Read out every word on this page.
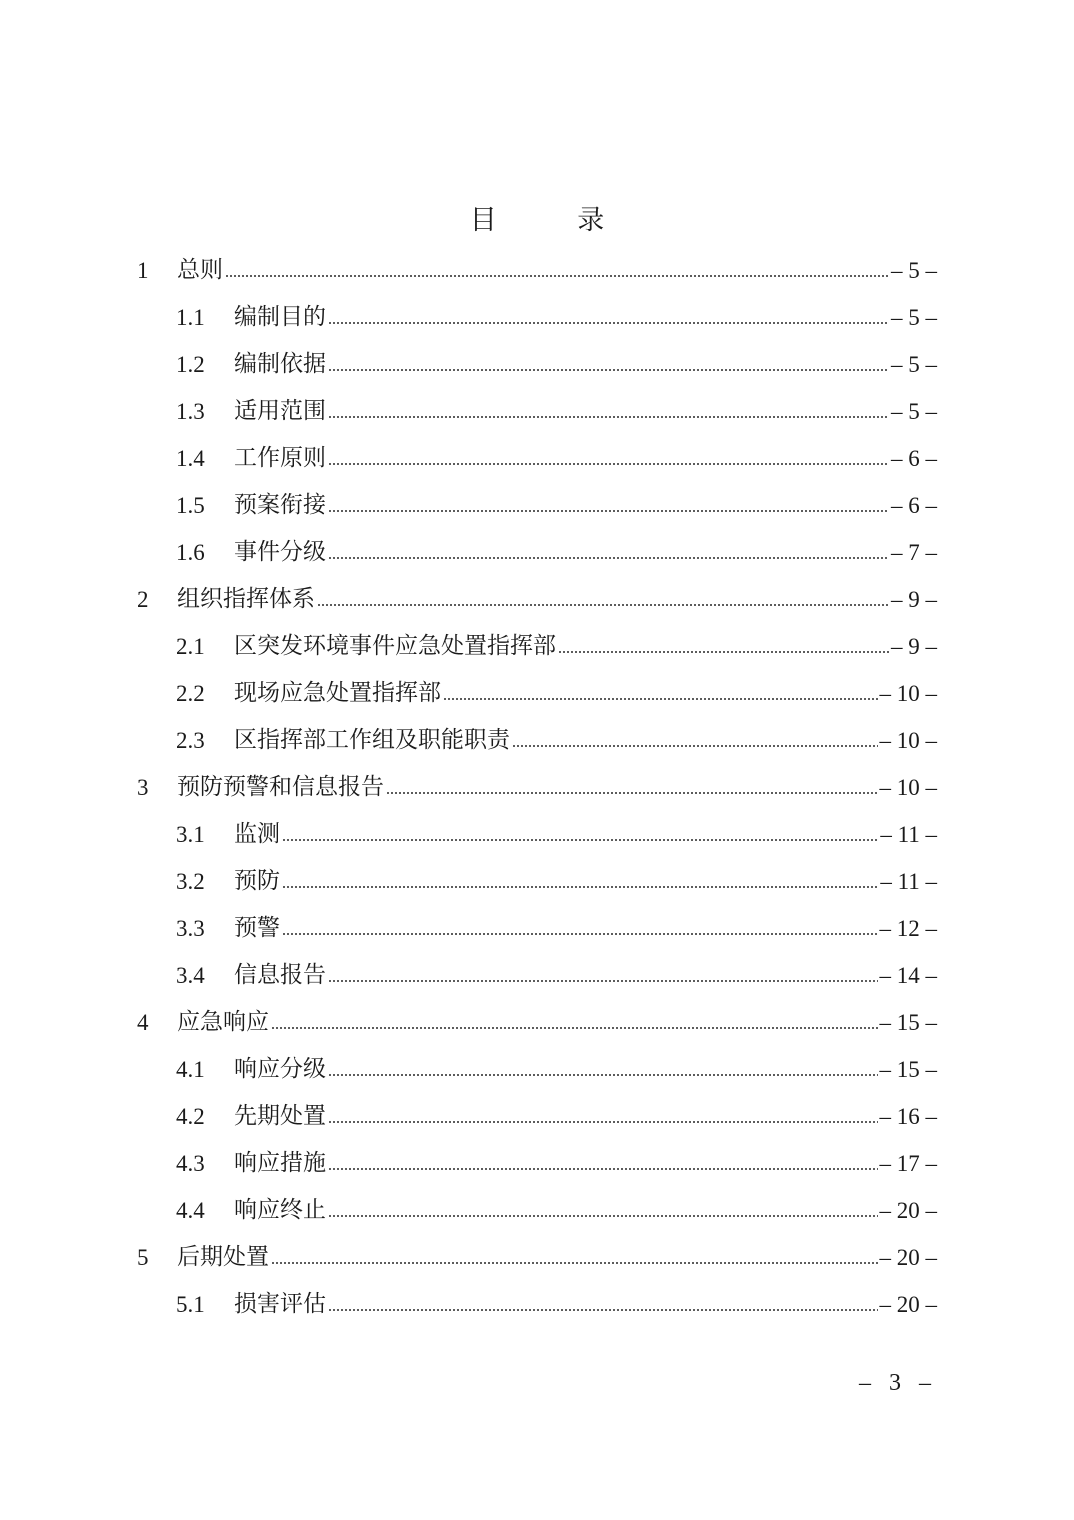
目 录
1	总则	– 5 –
1.1	编制目的	– 5 –
1.2	编制依据	– 5 –
1.3	适用范围	– 5 –
1.4	工作原则	– 6 –
1.5	预案衔接	– 6 –
1.6	事件分级	– 7 –
2	组织指挥体系	– 9 –
2.1	区突发环境事件应急处置指挥部	– 9 –
2.2	现场应急处置指挥部	– 10 –
2.3	区指挥部工作组及职能职责	– 10 –
3	预防预警和信息报告	– 10 –
3.1	监测	– 11 –
3.2	预防	– 11 –
3.3	预警	– 12 –
3.4	信息报告	– 14 –
4	应急响应	– 15 –
4.1	响应分级	– 15 –
4.2	先期处置	– 16 –
4.3	响应措施	– 17 –
4.4	响应终止	– 20 –
5	后期处置	– 20 –
5.1	损害评估	– 20 –
– 3 –
